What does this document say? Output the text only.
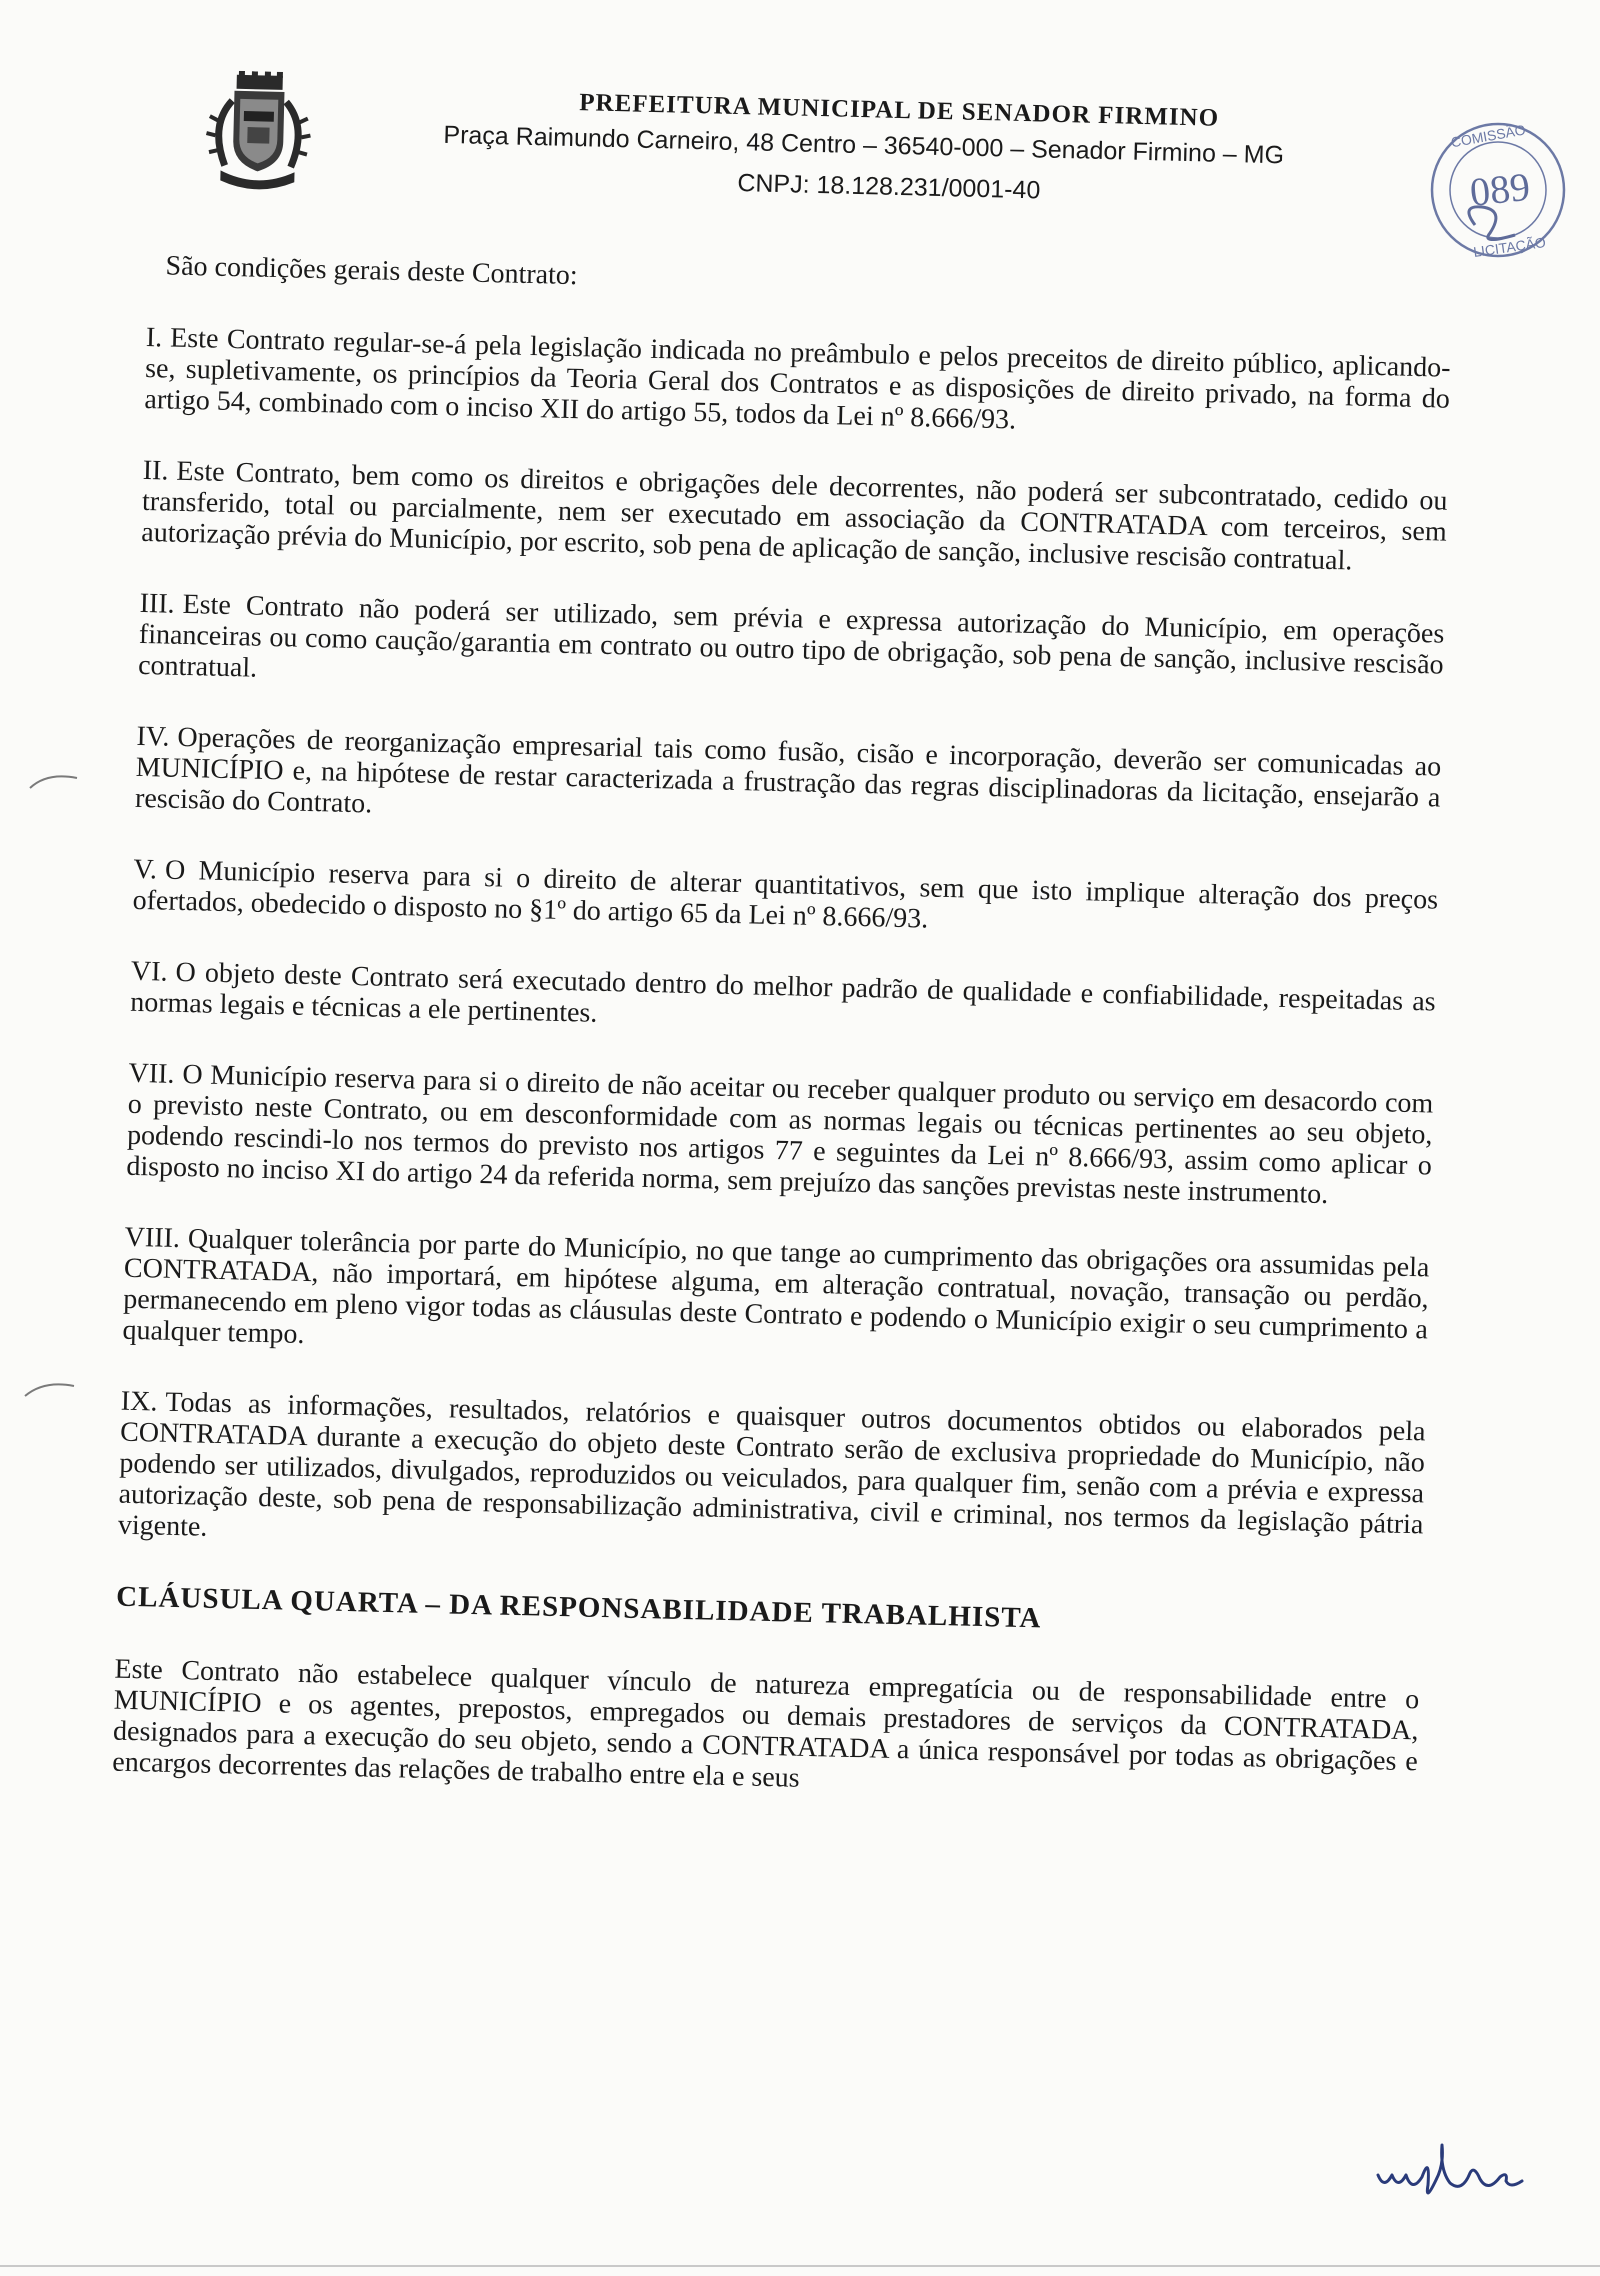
PREFEITURA MUNICIPAL DE SENADOR FIRMINO
Praça Raimundo Carneiro, 48 Centro – 36540-000 – Senador Firmino – MG
CNPJ: 18.128.231/0001-40
COMISSÃO
LICITAÇÃO
089
São condições gerais deste Contrato:

I. Este Contrato regular-se-á pela legislação indicada no preâmbulo e pelos preceitos de direito público, aplicando-se, supletivamente, os princípios da Teoria Geral dos Contratos e as disposições de direito privado, na forma do artigo 54, combinado com o inciso XII do artigo 55, todos da Lei nº 8.666/93.

II. Este Contrato, bem como os direitos e obrigações dele decorrentes, não poderá ser subcontratado, cedido ou transferido, total ou parcialmente, nem ser executado em associação da CONTRATADA com terceiros, sem autorização prévia do Município, por escrito, sob pena de aplicação de sanção, inclusive rescisão contratual.

III. Este Contrato não poderá ser utilizado, sem prévia e expressa autorização do Município, em operações financeiras ou como caução/garantia em contrato ou outro tipo de obrigação, sob pena de sanção, inclusive rescisão contratual.

IV. Operações de reorganização empresarial tais como fusão, cisão e incorporação, deverão ser comunicadas ao MUNICÍPIO e, na hipótese de restar caracterizada a frustração das regras disciplinadoras da licitação, ensejarão a rescisão do Contrato.

V. O Município reserva para si o direito de alterar quantitativos, sem que isto implique alteração dos preços ofertados, obedecido o disposto no §1º do artigo 65 da Lei nº 8.666/93.

VI. O objeto deste Contrato será executado dentro do melhor padrão de qualidade e confiabilidade, respeitadas as normas legais e técnicas a ele pertinentes.

VII. O Município reserva para si o direito de não aceitar ou receber qualquer produto ou serviço em desacordo com o previsto neste Contrato, ou em desconformidade com as normas legais ou técnicas pertinentes ao seu objeto, podendo rescindi-lo nos termos do previsto nos artigos 77 e seguintes da Lei nº 8.666/93, assim como aplicar o disposto no inciso XI do artigo 24 da referida norma, sem prejuízo das sanções previstas neste instrumento.

VIII. Qualquer tolerância por parte do Município, no que tange ao cumprimento das obrigações ora assumidas pela CONTRATADA, não importará, em hipótese alguma, em alteração contratual, novação, transação ou perdão, permanecendo em pleno vigor todas as cláusulas deste Contrato e podendo o Município exigir o seu cumprimento a qualquer tempo.

IX. Todas as informações, resultados, relatórios e quaisquer outros documentos obtidos ou elaborados pela CONTRATADA durante a execução do objeto deste Contrato serão de exclusiva propriedade do Município, não podendo ser utilizados, divulgados, reproduzidos ou veiculados, para qualquer fim, senão com a prévia e expressa autorização deste, sob pena de responsabilização administrativa, civil e criminal, nos termos da legislação pátria vigente.

CLÁUSULA QUARTA – DA RESPONSABILIDADE TRABALHISTA

Este Contrato não estabelece qualquer vínculo de natureza empregatícia ou de responsabilidade entre o MUNICÍPIO e os agentes, prepostos, empregados ou demais prestadores de serviços da CONTRATADA, designados para a execução do seu objeto, sendo a CONTRATADA a única responsável por todas as obrigações e encargos decorrentes das relações de trabalho entre ela e seus
